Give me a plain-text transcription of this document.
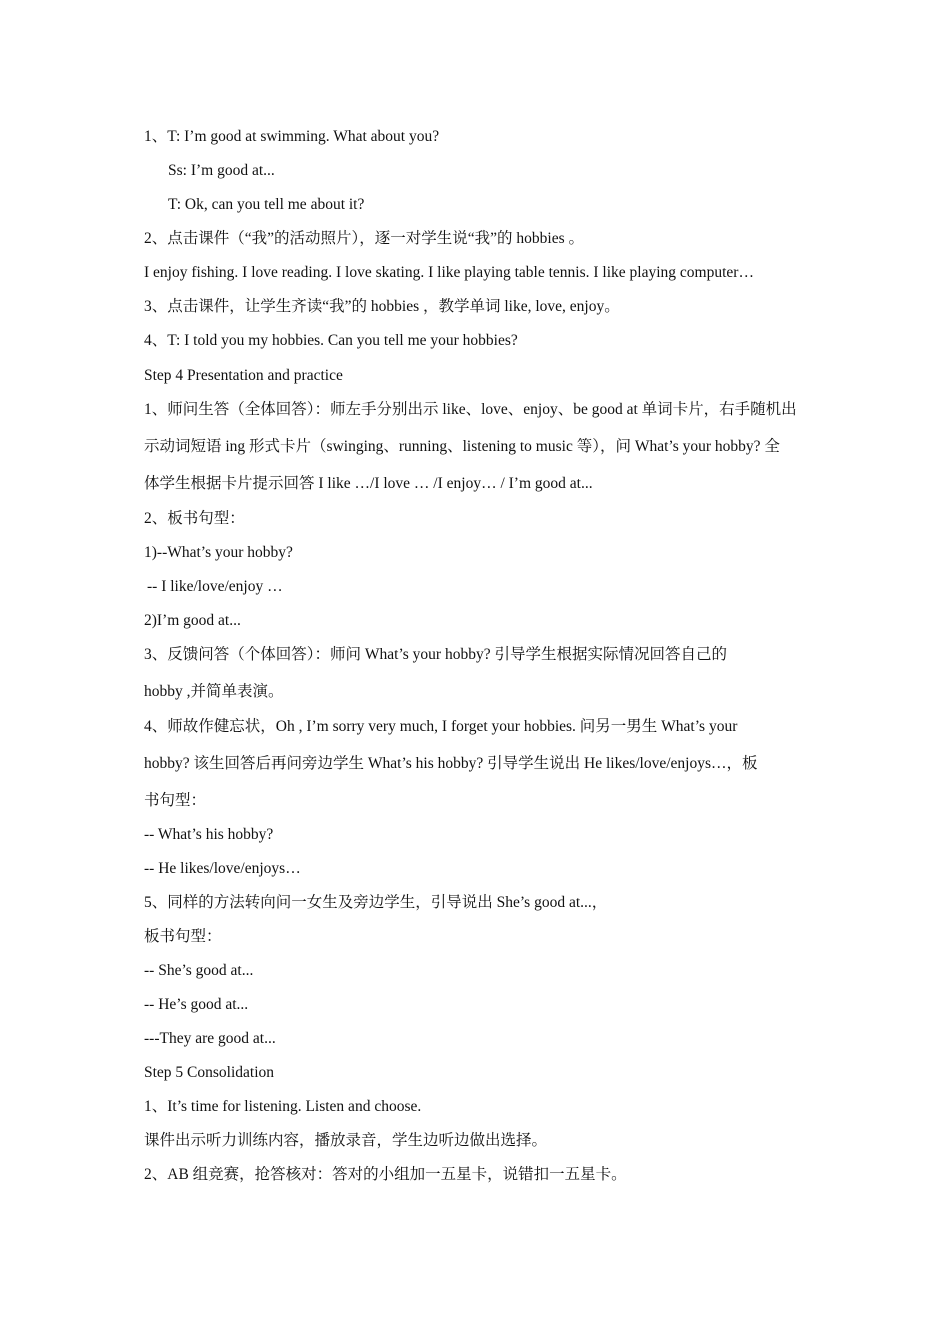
1、T: I’m good at swimming. What about you?
Ss: I’m good at...
T: Ok, can you tell me about it?
2、点击课件（“我”的活动照片），逐一对学生说“我”的 hobbies 。
I enjoy fishing. I love reading. I love skating. I like playing table tennis. I like playing computer…
3、点击课件，让学生齐读“我”的 hobbies ，教学单词 like, love, enjoy。
4、T: I told you my hobbies. Can you tell me your hobbies?
Step 4 Presentation and practice
1、师问生答（全体回答）：师左手分别出示 like、love、enjoy、be good at 单词卡片，右手随机出
示动词短语 ing 形式卡片（swinging、running、listening to music 等），问 What’s your hobby? 全
体学生根据卡片提示回答 I like …/I love … /I enjoy… / I’m good at...
2、板书句型：
1)--What’s your hobby?
-- I like/love/enjoy …
2)I’m good at...
3、反馈问答（个体回答）：师问 What’s your hobby? 引导学生根据实际情况回答自己的
hobby ,并简单表演。
4、师故作健忘状，Oh , I’m sorry very much, I forget your hobbies. 问另一男生 What’s your
hobby? 该生回答后再问旁边学生 What’s his hobby? 引导学生说出 He likes/love/enjoys…，板
书句型：
-- What’s his hobby?
-- He likes/love/enjoys…
5、同样的方法转向问一女生及旁边学生，引导说出 She’s good at...，
板书句型：
-- She’s good at...
-- He’s good at...
---They are good at...
Step 5 Consolidation
1、It’s time for listening. Listen and choose.
课件出示听力训练内容，播放录音，学生边听边做出选择。
2、AB 组竞赛，抢答核对：答对的小组加一五星卡，说错扣一五星卡。
